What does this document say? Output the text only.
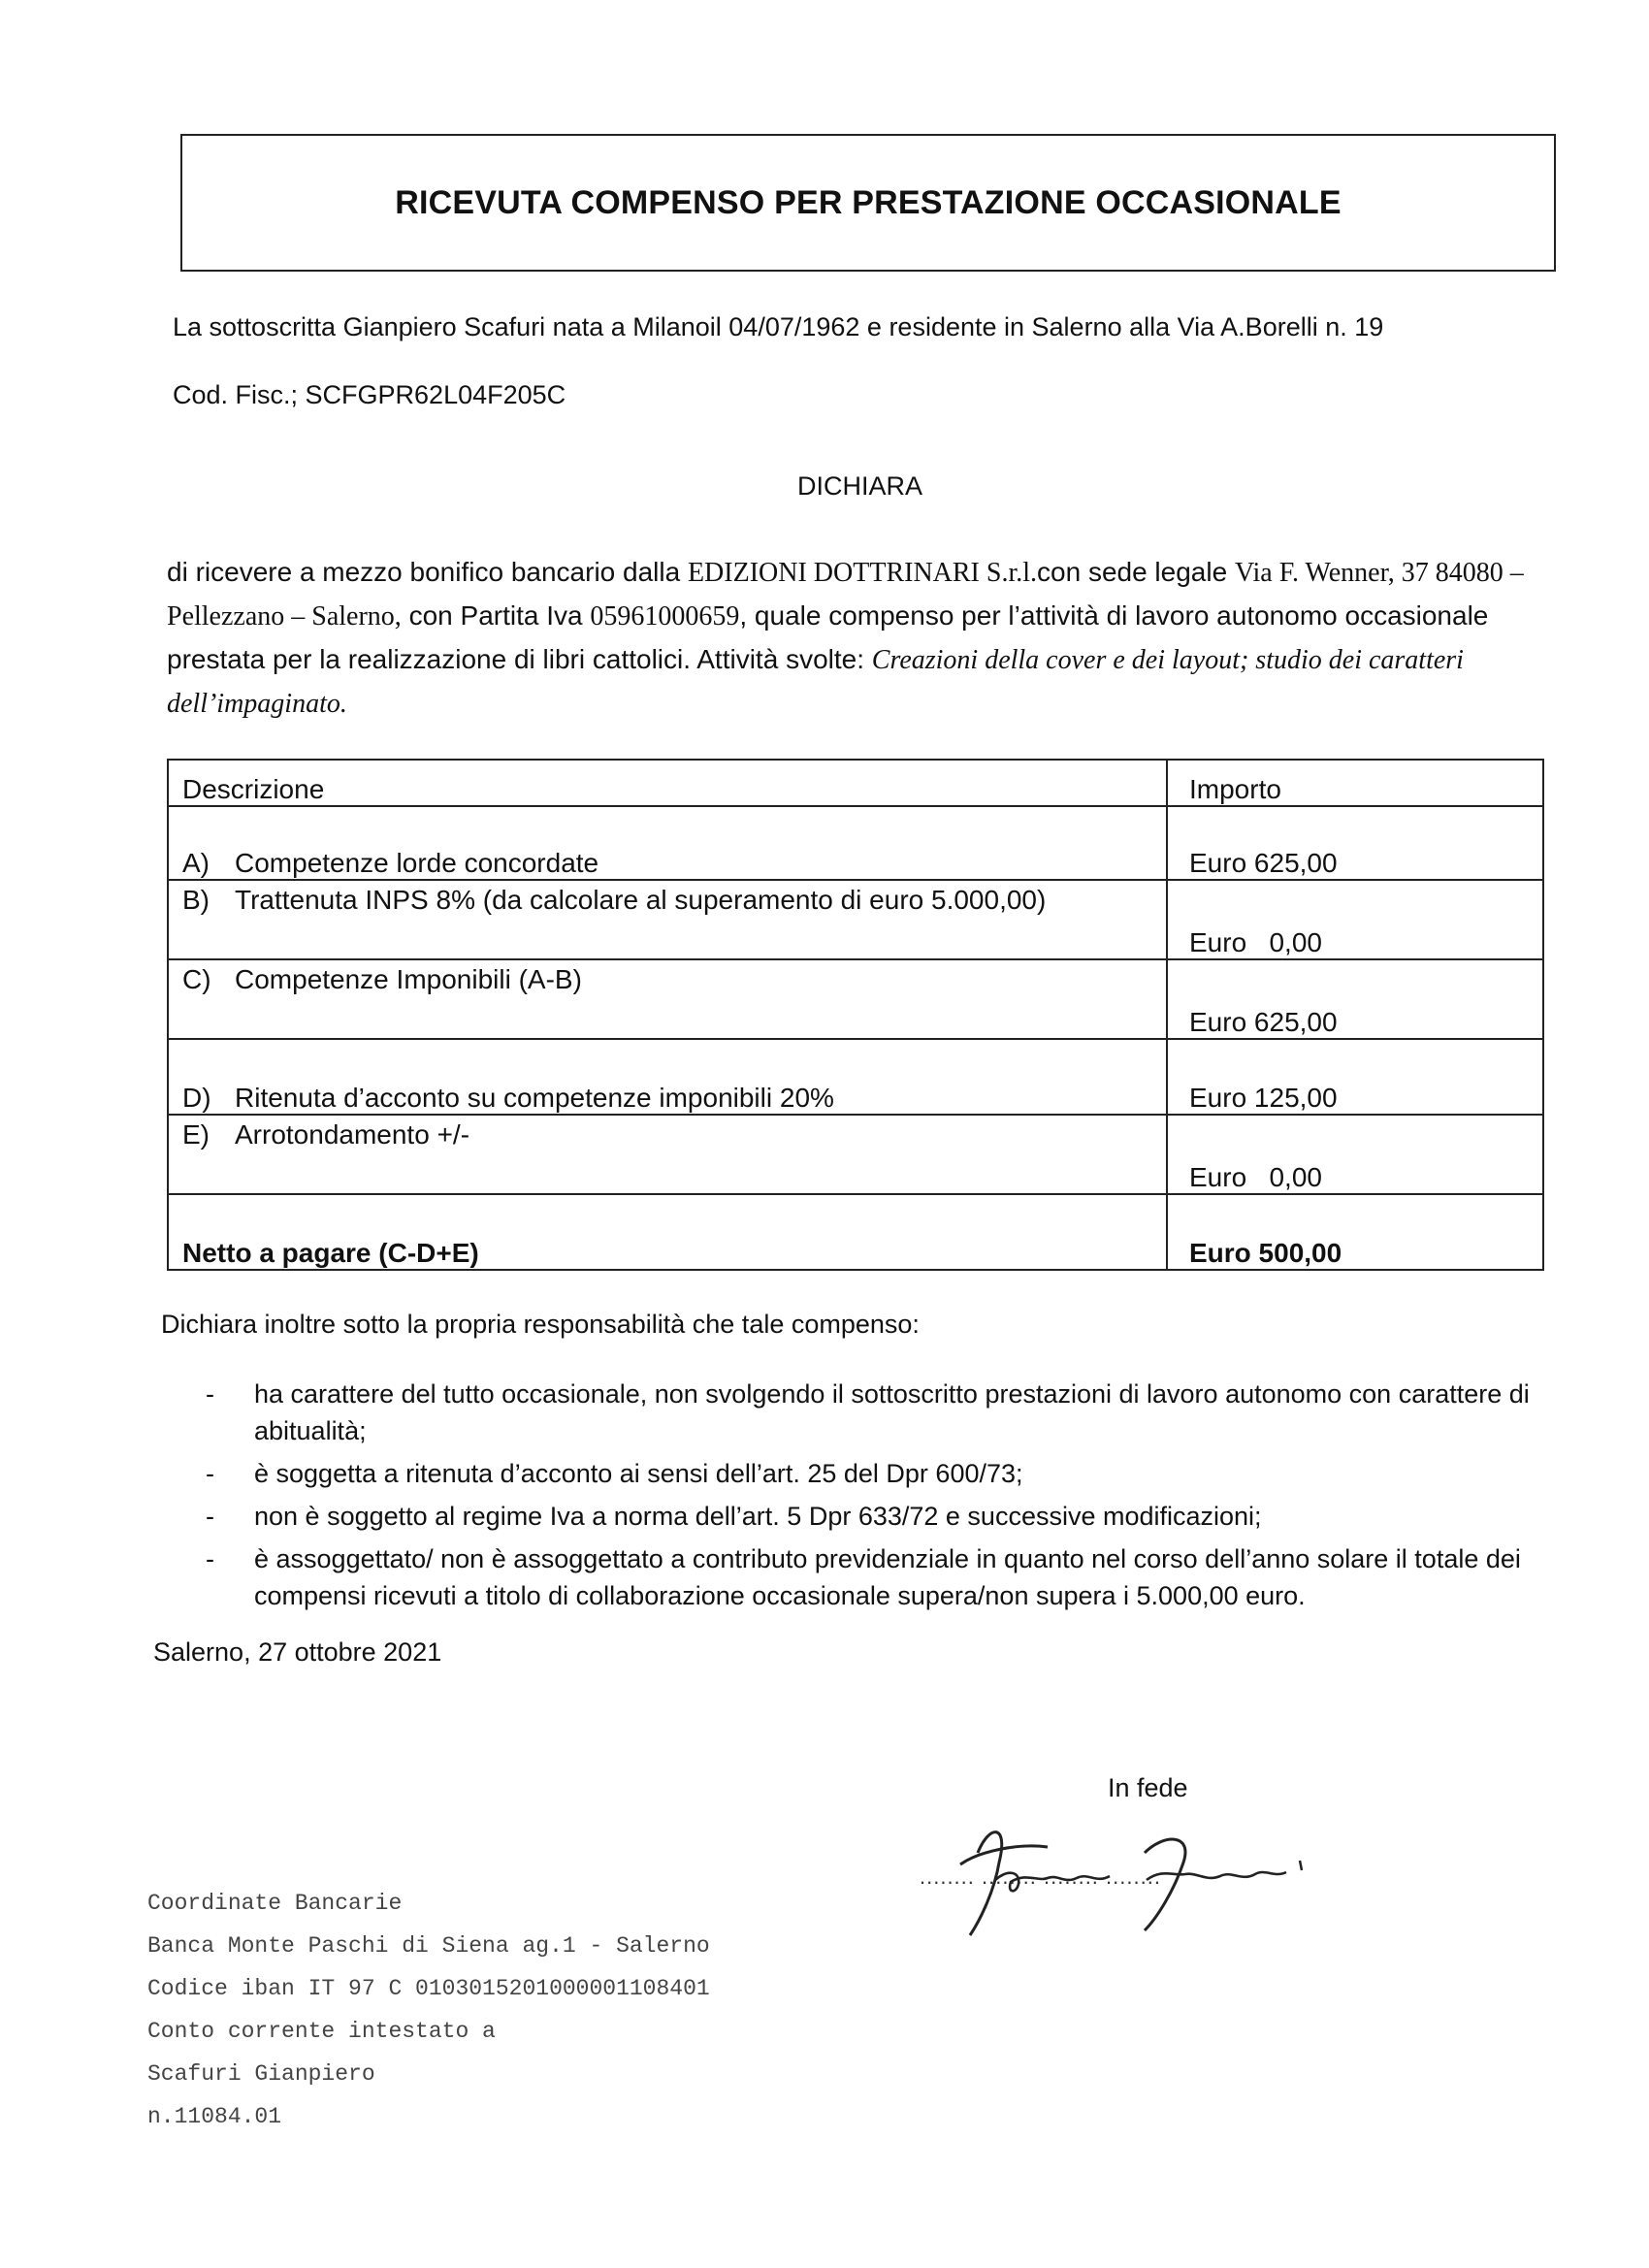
RICEVUTA COMPENSO PER PRESTAZIONE OCCASIONALE
La sottoscritta Gianpiero Scafuri nata a Milanoil 04/07/1962 e residente in Salerno alla Via A.Borelli n. 19
Cod. Fisc.; SCFGPR62L04F205C
DICHIARA
di ricevere a mezzo bonifico bancario dalla EDIZIONI DOTTRINARI S.r.l.con sede legale Via F. Wenner, 37 84080 – Pellezzano – Salerno, con Partita Iva 05961000659, quale compenso per l’attività di lavoro autonomo occasionale prestata per la realizzazione di libri cattolici. Attività svolte: Creazioni della cover e dei layout; studio dei caratteri dell’impaginato.
Descrizione	Importo
A) Competenze lorde concordate	Euro 625,00
B) Trattenuta INPS 8% (da calcolare al superamento di euro 5.000,00)	Euro   0,00
C) Competenze Imponibili (A-B)	Euro 625,00
D) Ritenuta d’acconto su competenze imponibili 20%	Euro 125,00
E) Arrotondamento +/-	Euro   0,00
Netto a pagare (C-D+E)	Euro 500,00
Dichiara inoltre sotto la propria responsabilità che tale compenso:
- ha carattere del tutto occasionale, non svolgendo il sottoscritto prestazioni di lavoro autonomo con carattere di abitualità;
- è soggetta a ritenuta d’acconto ai sensi dell’art. 25 del Dpr 600/73;
- non è soggetto al regime Iva a norma dell’art. 5 Dpr 633/72 e successive modificazioni;
- è assoggettato/ non è assoggettato a contributo previdenziale in quanto nel corso dell’anno solare il totale dei compensi ricevuti a titolo di collaborazione occasionale supera/non supera i 5.000,00 euro.
Salerno, 27 ottobre 2021
In fede
........ ........ ........ ........
Coordinate Bancarie
Banca Monte Paschi di Siena ag.1 - Salerno
Codice iban IT 97 C 0103015201000001108401
Conto corrente intestato a
Scafuri Gianpiero
n.11084.01
